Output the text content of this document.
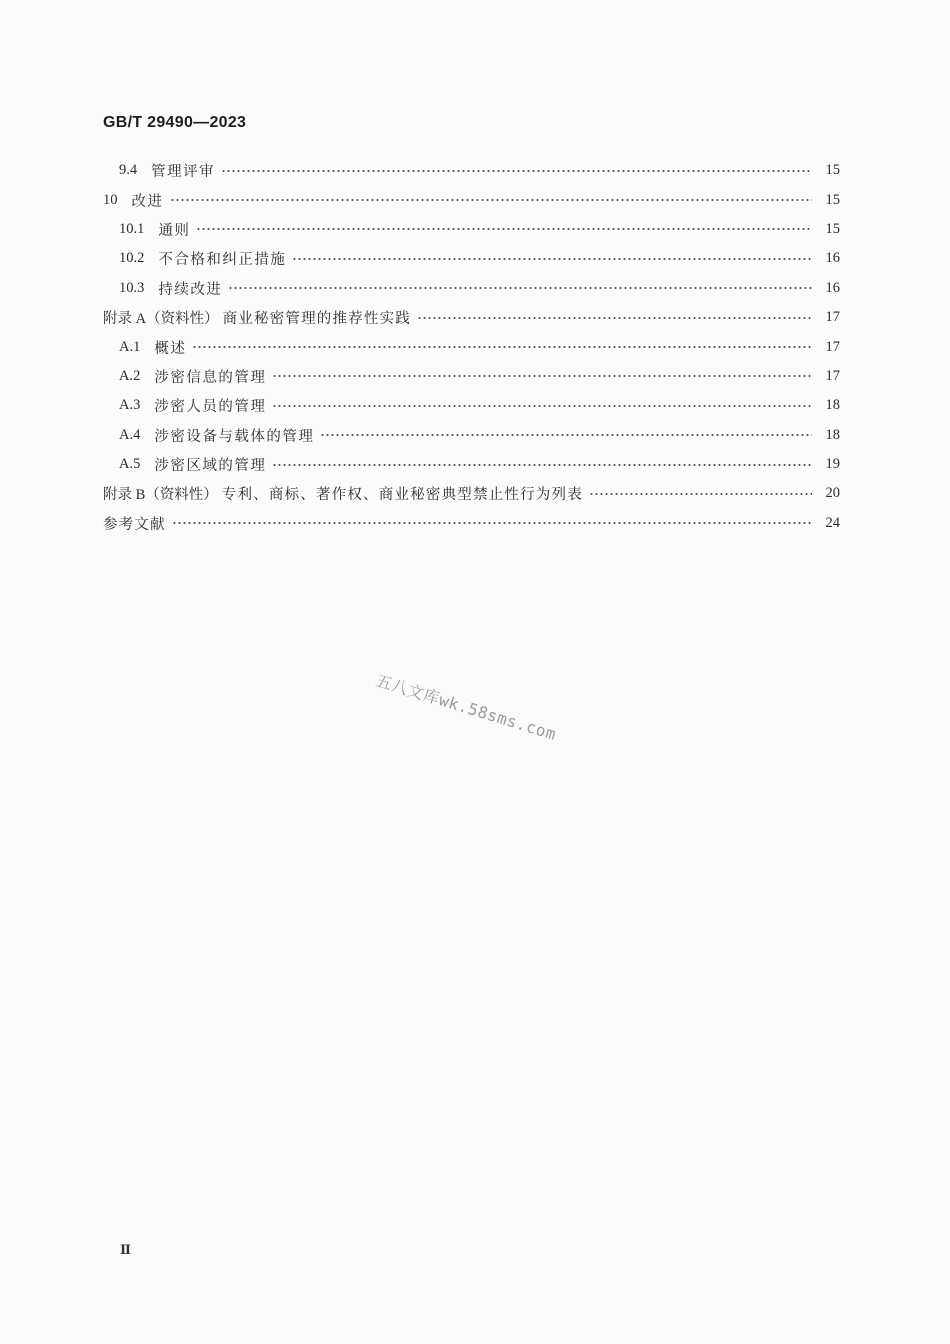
GB/T 29490—2023
9.4 管理评审	15
10 改进	15
10.1 通则	15
10.2 不合格和纠正措施	16
10.3 持续改进	16
附录 A（资料性） 商业秘密管理的推荐性实践	17
A.1 概述	17
A.2 涉密信息的管理	17
A.3 涉密人员的管理	18
A.4 涉密设备与载体的管理	18
A.5 涉密区域的管理	19
附录 B（资料性） 专利、商标、著作权、商业秘密典型禁止性行为列表	20
参考文献	24
五八文库wk.58sms.com
Ⅱ
